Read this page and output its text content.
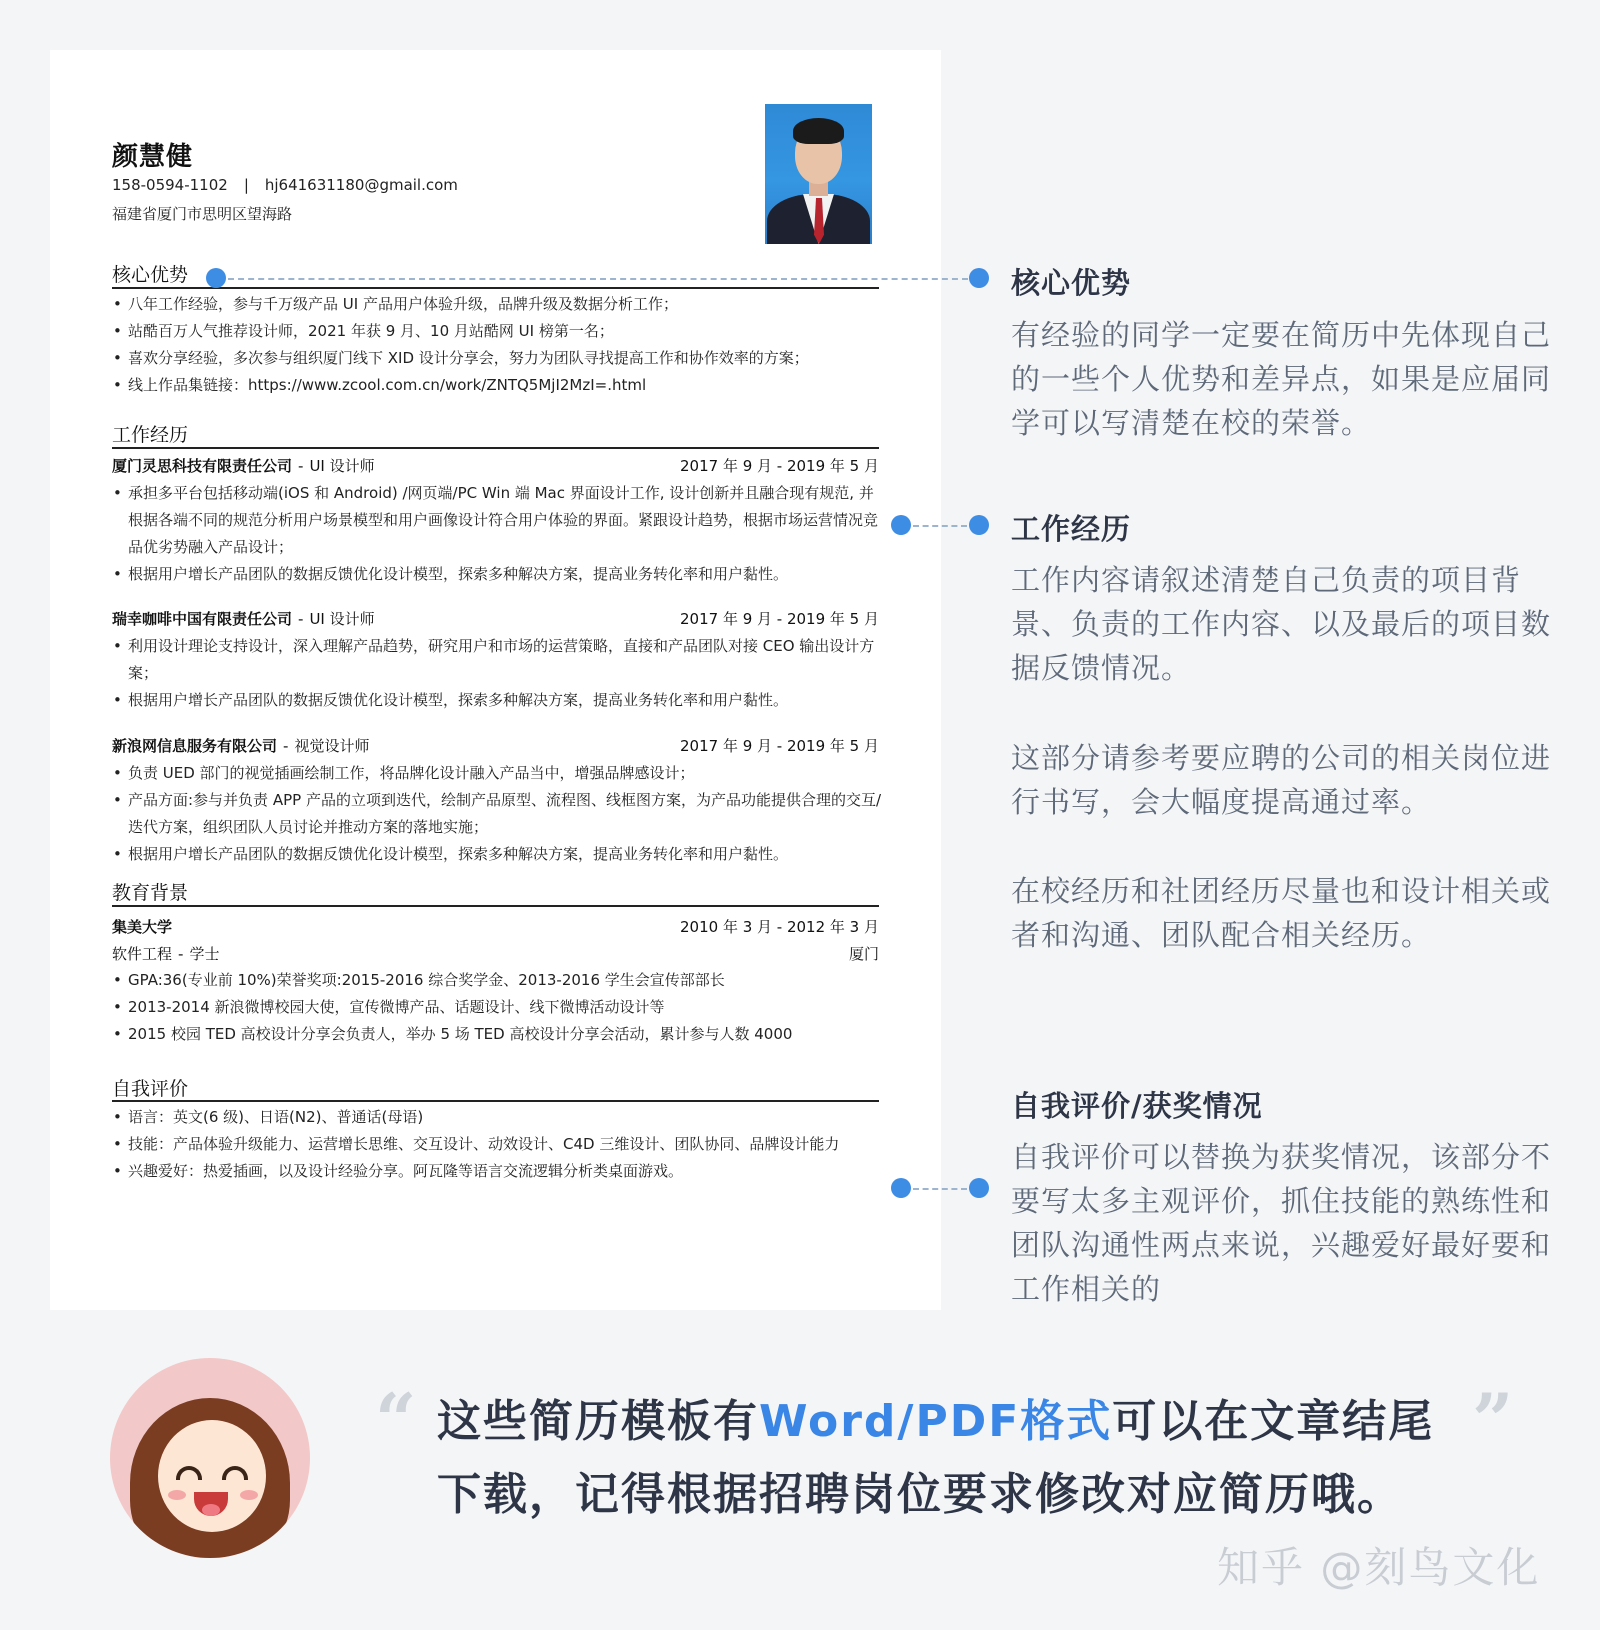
颜慧健
158-0594-1102 | hj641631180@gmail.com
福建省厦门市思明区望海路
核心优势
• 八年工作经验，参与千万级产品 UI 产品用户体验升级，品牌升级及数据分析工作；
• 站酷百万人气推荐设计师，2021 年获 9 月、10 月站酷网 UI 榜第一名；
• 喜欢分享经验，多次参与组织厦门线下 XID 设计分享会，努力为团队寻找提高工作和协作效率的方案；
• 线上作品集链接：https://www.zcool.com.cn/work/ZNTQ5MjI2MzI=.html
工作经历
厦门灵思科技有限责任公司 - UI 设计师	2017 年 9 月 - 2019 年 5 月
• 承担多平台包括移动端(iOS 和 Android) /网页端/PC Win 端 Mac 界面设计工作, 设计创新并且融合现有规范, 并根据各端不同的规范分析用户场景模型和用户画像设计符合用户体验的界面。紧跟设计趋势，根据市场运营情况竞品优劣势融入产品设计；
• 根据用户增长产品团队的数据反馈优化设计模型，探索多种解决方案，提高业务转化率和用户黏性。
瑞幸咖啡中国有限责任公司 - UI 设计师	2017 年 9 月 - 2019 年 5 月
• 利用设计理论支持设计，深入理解产品趋势，研究用户和市场的运营策略，直接和产品团队对接 CEO 输出设计方案；
• 根据用户增长产品团队的数据反馈优化设计模型，探索多种解决方案，提高业务转化率和用户黏性。
新浪网信息服务有限公司 - 视觉设计师	2017 年 9 月 - 2019 年 5 月
• 负责 UED 部门的视觉插画绘制工作，将品牌化设计融入产品当中，增强品牌感设计；
• 产品方面:参与并负责 APP 产品的立项到迭代，绘制产品原型、流程图、线框图方案，为产品功能提供合理的交互/迭代方案，组织团队人员讨论并推动方案的落地实施；
• 根据用户增长产品团队的数据反馈优化设计模型，探索多种解决方案，提高业务转化率和用户黏性。
教育背景
集美大学	2010 年 3 月 - 2012 年 3 月
软件工程 - 学士	厦门
• GPA:36(专业前 10%)荣誉奖项:2015-2016 综合奖学金、2013-2016 学生会宣传部部长
• 2013-2014 新浪微博校园大使，宣传微博产品、话题设计、线下微博活动设计等
• 2015 校园 TED 高校设计分享会负责人，举办 5 场 TED 高校设计分享会活动，累计参与人数 4000
自我评价
• 语言：英文(6 级)、日语(N2)、普通话(母语)
• 技能：产品体验升级能力、运营增长思维、交互设计、动效设计、C4D 三维设计、团队协同、品牌设计能力
• 兴趣爱好：热爱插画，以及设计经验分享。阿瓦隆等语言交流逻辑分析类桌面游戏。
核心优势
有经验的同学一定要在简历中先体现自己的一些个人优势和差异点，如果是应届同学可以写清楚在校的荣誉。
工作经历
工作内容请叙述清楚自己负责的项目背景、负责的工作内容、以及最后的项目数据反馈情况。
这部分请参考要应聘的公司的相关岗位进行书写，会大幅度提高通过率。
在校经历和社团经历尽量也和设计相关或者和沟通、团队配合相关经历。
自我评价/获奖情况
自我评价可以替换为获奖情况，该部分不要写太多主观评价，抓住技能的熟练性和团队沟通性两点来说，兴趣爱好最好要和工作相关的
“ 这些简历模板有Word/PDF格式可以在文章结尾
下载，记得根据招聘岗位要求修改对应简历哦。
”
知乎 @刻鸟文化
